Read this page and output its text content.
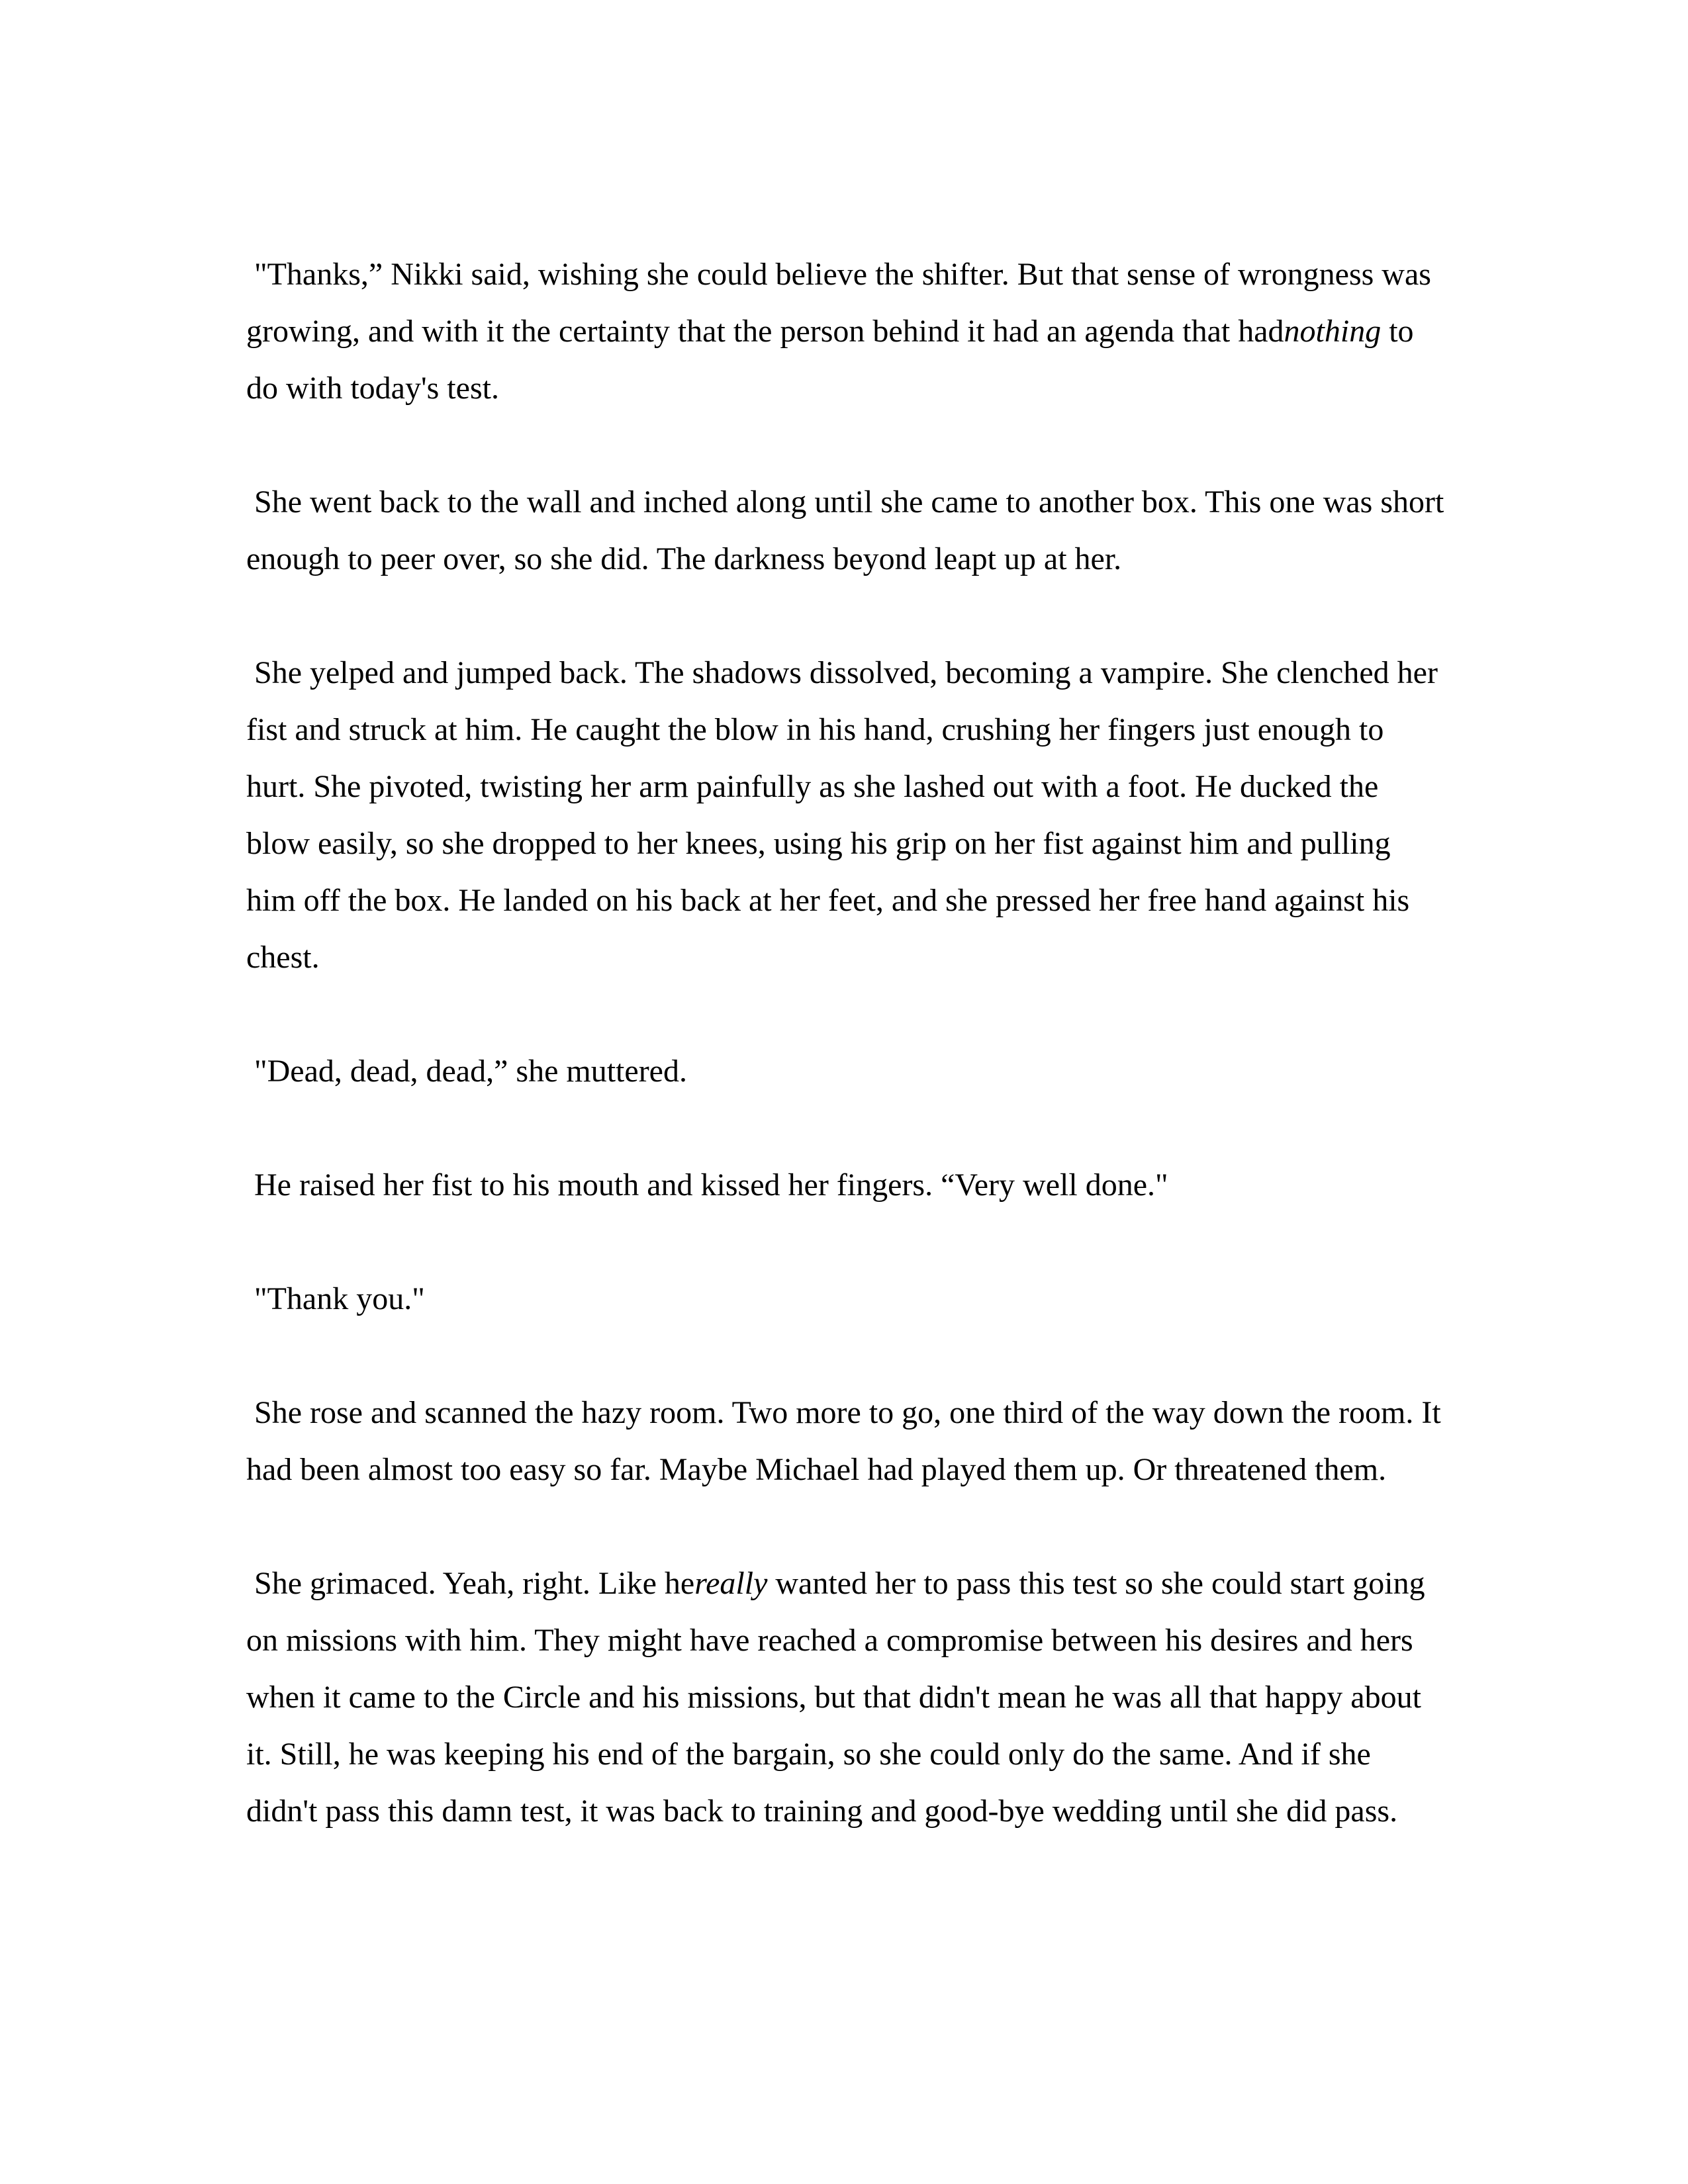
"Thanks,” Nikki said, wishing she could believe the shifter. But that sense of wrongness was growing, and with it the certainty that the person behind it had an agenda that hadnothing to do with today's test.

She went back to the wall and inched along until she came to another box. This one was short enough to peer over, so she did. The darkness beyond leapt up at her.

She yelped and jumped back. The shadows dissolved, becoming a vampire. She clenched her fist and struck at him. He caught the blow in his hand, crushing her fingers just enough to hurt. She pivoted, twisting her arm painfully as she lashed out with a foot. He ducked the blow easily, so she dropped to her knees, using his grip on her fist against him and pulling him off the box. He landed on his back at her feet, and she pressed her free hand against his chest.

"Dead, dead, dead,” she muttered.

He raised her fist to his mouth and kissed her fingers. “Very well done."

"Thank you."

She rose and scanned the hazy room. Two more to go, one third of the way down the room. It had been almost too easy so far. Maybe Michael had played them up. Or threatened them.

She grimaced. Yeah, right. Like hereally wanted her to pass this test so she could start going on missions with him. They might have reached a compromise between his desires and hers when it came to the Circle and his missions, but that didn't mean he was all that happy about it. Still, he was keeping his end of the bargain, so she could only do the same. And if she didn't pass this damn test, it was back to training and good-bye wedding until she did pass.
